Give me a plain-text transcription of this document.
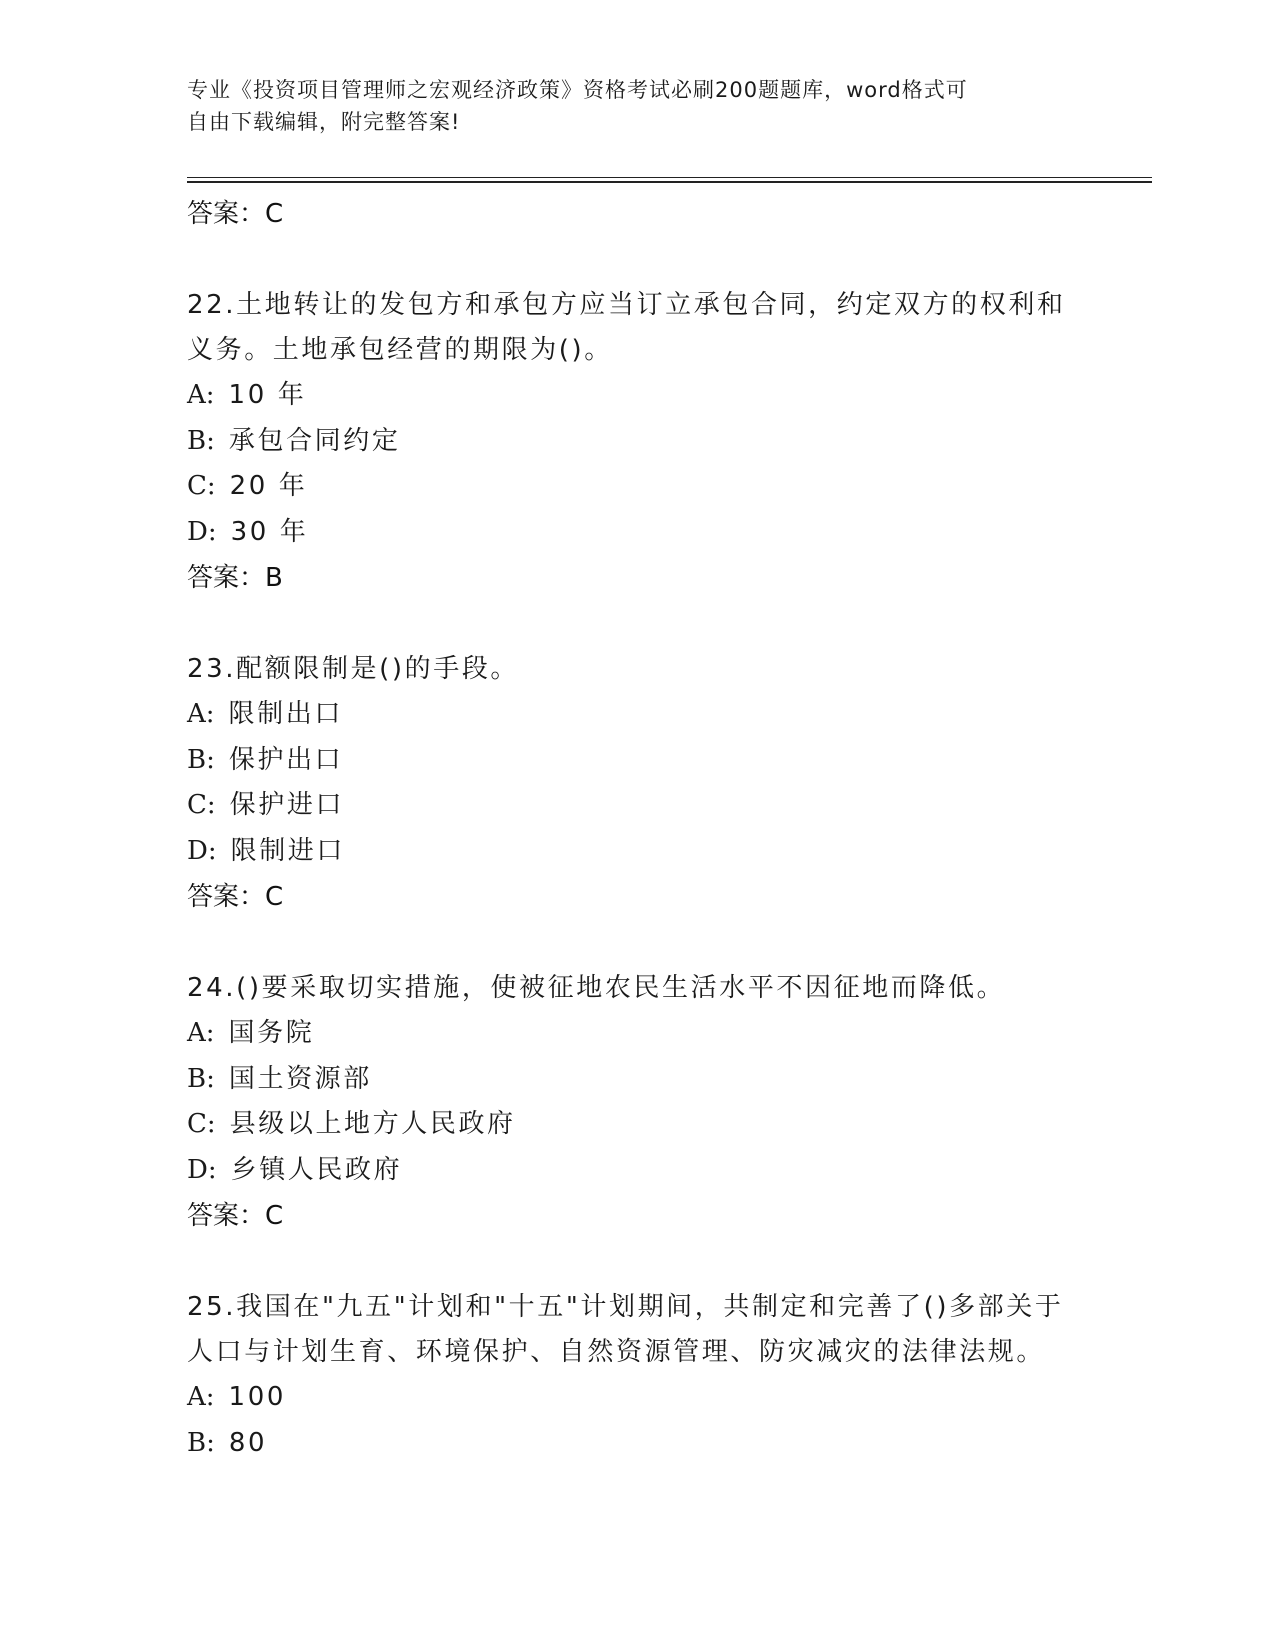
专业《投资项目管理师之宏观经济政策》资格考试必刷200题题库，word格式可
自由下载编辑，附完整答案!
答案：C
22.土地转让的发包方和承包方应当订立承包合同，约定双方的权利和义务。土地承包经营的期限为()。
A: 10 年
B: 承包合同约定
C: 20 年
D: 30 年
答案：B
23.配额限制是()的手段。
A: 限制出口
B: 保护出口
C: 保护进口
D: 限制进口
答案：C
24.()要采取切实措施，使被征地农民生活水平不因征地而降低。
A: 国务院
B: 国土资源部
C: 县级以上地方人民政府
D: 乡镇人民政府
答案：C
25.我国在"九五"计划和"十五"计划期间，共制定和完善了()多部关于人口与计划生育、环境保护、自然资源管理、防灾减灾的法律法规。
A: 100
B: 80
